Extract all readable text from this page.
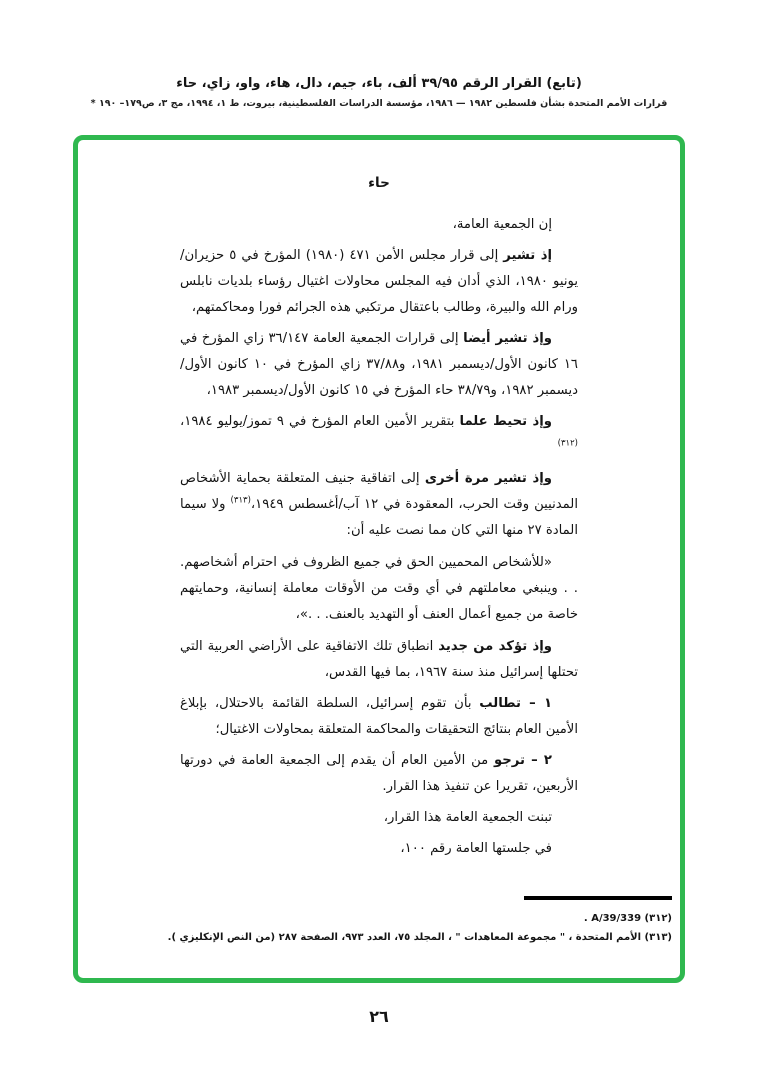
(تابع) القرار الرقم ٣٩/٩٥ ألف، باء، جيم، دال، هاء، واو، زاي، حاء
قرارات الأمم المتحدة بشأن فلسطين ١٩٨٢ — ١٩٨٦، مؤسسة الدراسات الفلسطينية، بيروت، ط ١، ١٩٩٤، مج ٣، ص١٧٩– ١٩٠ *
حاء

إن الجمعية العامة،

إذ تشير إلى قرار مجلس الأمن ٤٧١ (١٩٨٠) المؤرخ في ٥ حزيران/يونيو ١٩٨٠، الذي أدان فيه المجلس محاولات اغتيال رؤساء بلديات نابلس ورام الله والبيرة، وطالب باعتقال مرتكبي هذه الجرائم فورا ومحاكمتهم،

وإذ تشير أيضا إلى قرارات الجمعية العامة ٣٦/١٤٧ زاي المؤرخ في ١٦ كانون الأول/ديسمبر ١٩٨١، و٣٧/٨٨ زاي المؤرخ في ١٠ كانون الأول/ديسمبر ١٩٨٢، و٣٨/٧٩ حاء المؤرخ في ١٥ كانون الأول/ديسمبر ١٩٨٣،

وإذ تحيط علما بتقرير الأمين العام المؤرخ في ٩ تموز/يوليو ١٩٨٤،$^{(٣١٢)}$

وإذ تشير مرة أخرى إلى اتفاقية جنيف المتعلقة بحماية الأشخاص المدنيين وقت الحرب، المعقودة في ١٢ آب/أغسطس ١٩٤٩،$^{(٣١٣)}$ ولا سيما المادة ٢٧ منها التي كان مما نصت عليه أن:

«للأشخاص المحميين الحق في جميع الظروف في احترام أشخاصهم. . . وينبغي معاملتهم في أي وقت من الأوقات معاملة إنسانية، وحمايتهم خاصة من جميع أعمال العنف أو التهديد بالعنف. . .»،

وإذ تؤكد من جديد انطباق تلك الاتفاقية على الأراضي العربية التي تحتلها إسرائيل منذ سنة ١٩٦٧، بما فيها القدس،

١ – تطالب بأن تقوم إسرائيل، السلطة القائمة بالاحتلال، بإبلاغ الأمين العام بنتائج التحقيقات والمحاكمة المتعلقة بمحاولات الاغتيال؛

٢ – ترجو من الأمين العام أن يقدم إلى الجمعية العامة في دورتها الأربعين، تقريرا عن تنفيذ هذا القرار.

تبنت الجمعية العامة هذا القرار،

في جلستها العامة رقم ١٠٠،

(٣١٢) A/39/339 .
(٣١٣) الأمم المتحدة ، " مجموعة المعاهدات " ، المجلد ٧٥، العدد ٩٧٣، الصفحة ٢٨٧ (من النص الإنكليزي ).
٢٦
